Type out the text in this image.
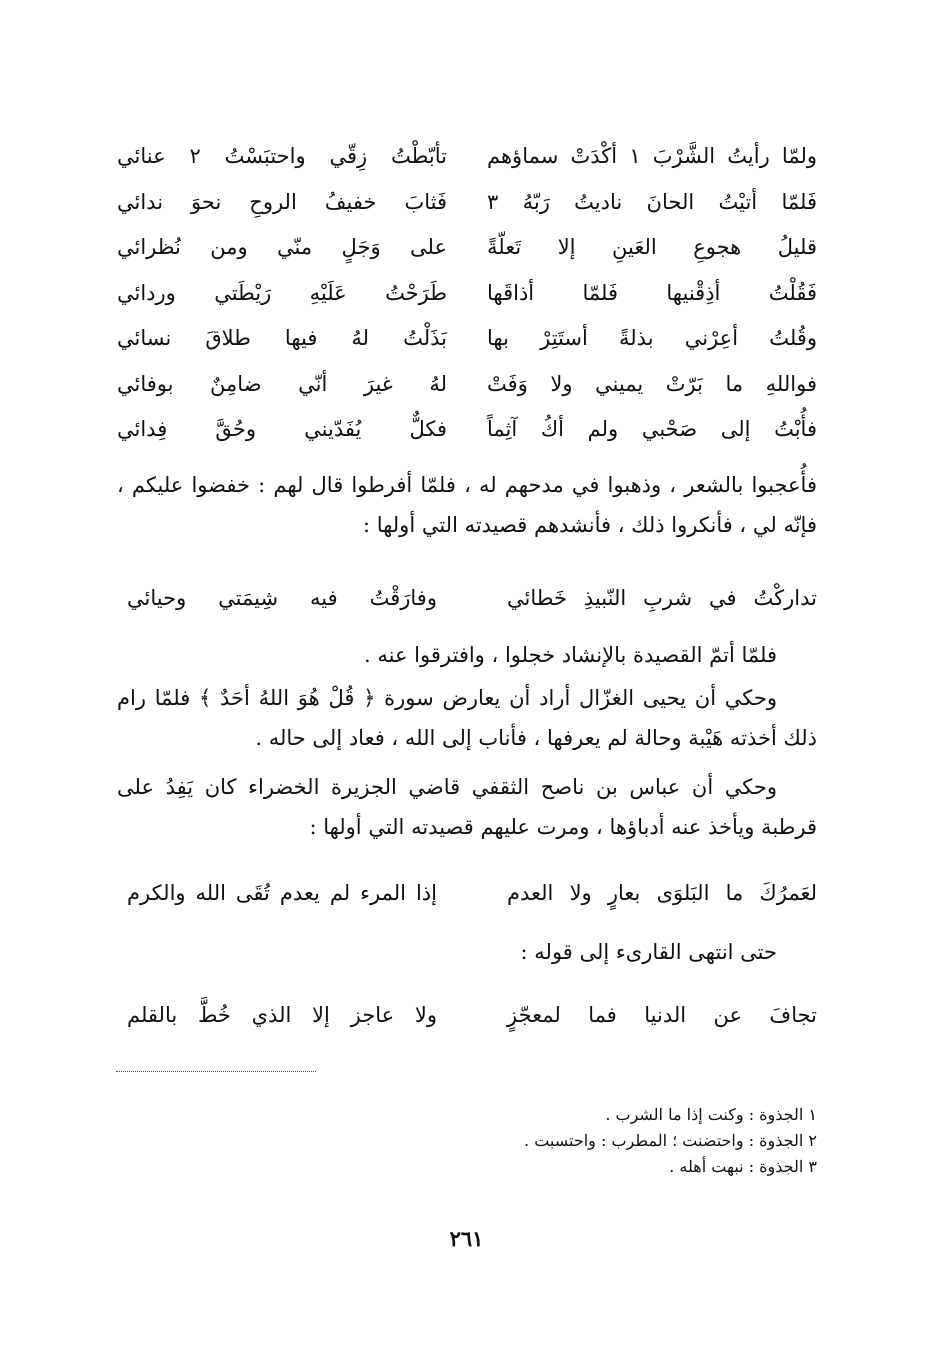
ولمّا رأيتُ الشَّرْبَ ١ أكْدَتْ سماؤهم
تأبّطْتُ زِقّي واحتبَسْتُ ٢ عنائي
فَلمّا أتيْتُ الحانَ ناديتُ رَبّهُ ٣
فَثابَ خفيفُ الروحِ نحوَ ندائي
قليلُ هجوعِ العَينِ إلا تَعلّةً
على وَجَلٍ منّي ومن نُظرائي
فَقُلْتُ أذِقْنيها فَلمّا أذاقَها
طَرَحْتُ عَلَيْهِ رَيْطَتي وردائي
وقُلتُ أعِرْني بذلةً أستَتِرْ بها
بَذَلْتُ لهُ فيها طلاقَ نسائي
فواللهِ ما بَرّتْ يميني ولا وَفَتْ
لهُ غيرَ أنّي ضامِنٌ بوفائي
فأُبْتُ إلى صَحْبي ولم أكُ آثِماً
فكلٌّ يُفَدّيني وحُقَّ فِدائي

فأُعجبوا بالشعر ، وذهبوا في مدحهم له ، فلمّا أفرطوا قال لهم : خفضوا عليكم ، فإنّه لي ، فأنكروا ذلك ، فأنشدهم قصيدته التي أولها :

تداركْتُ في شربِ النّبيذِ خَطائي
وفارَقْتُ فيه شِيمَتي وحيائي

فلمّا أتمّ القصيدة بالإنشاد خجلوا ، وافترقوا عنه .

وحكي أن يحيى الغزّال أراد أن يعارض سورة ﴿ قُلْ هُوَ اللهُ أحَدٌ ﴾ فلمّا رام ذلك أخذته هَيْبة وحالة لم يعرفها ، فأناب إلى الله ، فعاد إلى حاله .

وحكي أن عباس بن ناصح الثقفي قاضي الجزيرة الخضراء كان يَفِدُ على قرطبة ويأخذ عنه أدباؤها ، ومرت عليهم قصيدته التي أولها :

لعَمرُكَ ما البَلوَى بعارٍ ولا العدم
إذا المرء لم يعدم تُقَى الله والكرم

حتى انتهى القارىء إلى قوله :

تجافَ عن الدنيا فما لمعجّزٍ
ولا عاجز إلا الذي خُطَّ بالقلم
١ الجذوة : وكنت إذا ما الشرب .
٢ الجذوة : واحتضنت ؛ المطرب : واحتسبت .
٣ الجذوة : نبهت أهله .
٢٦١
